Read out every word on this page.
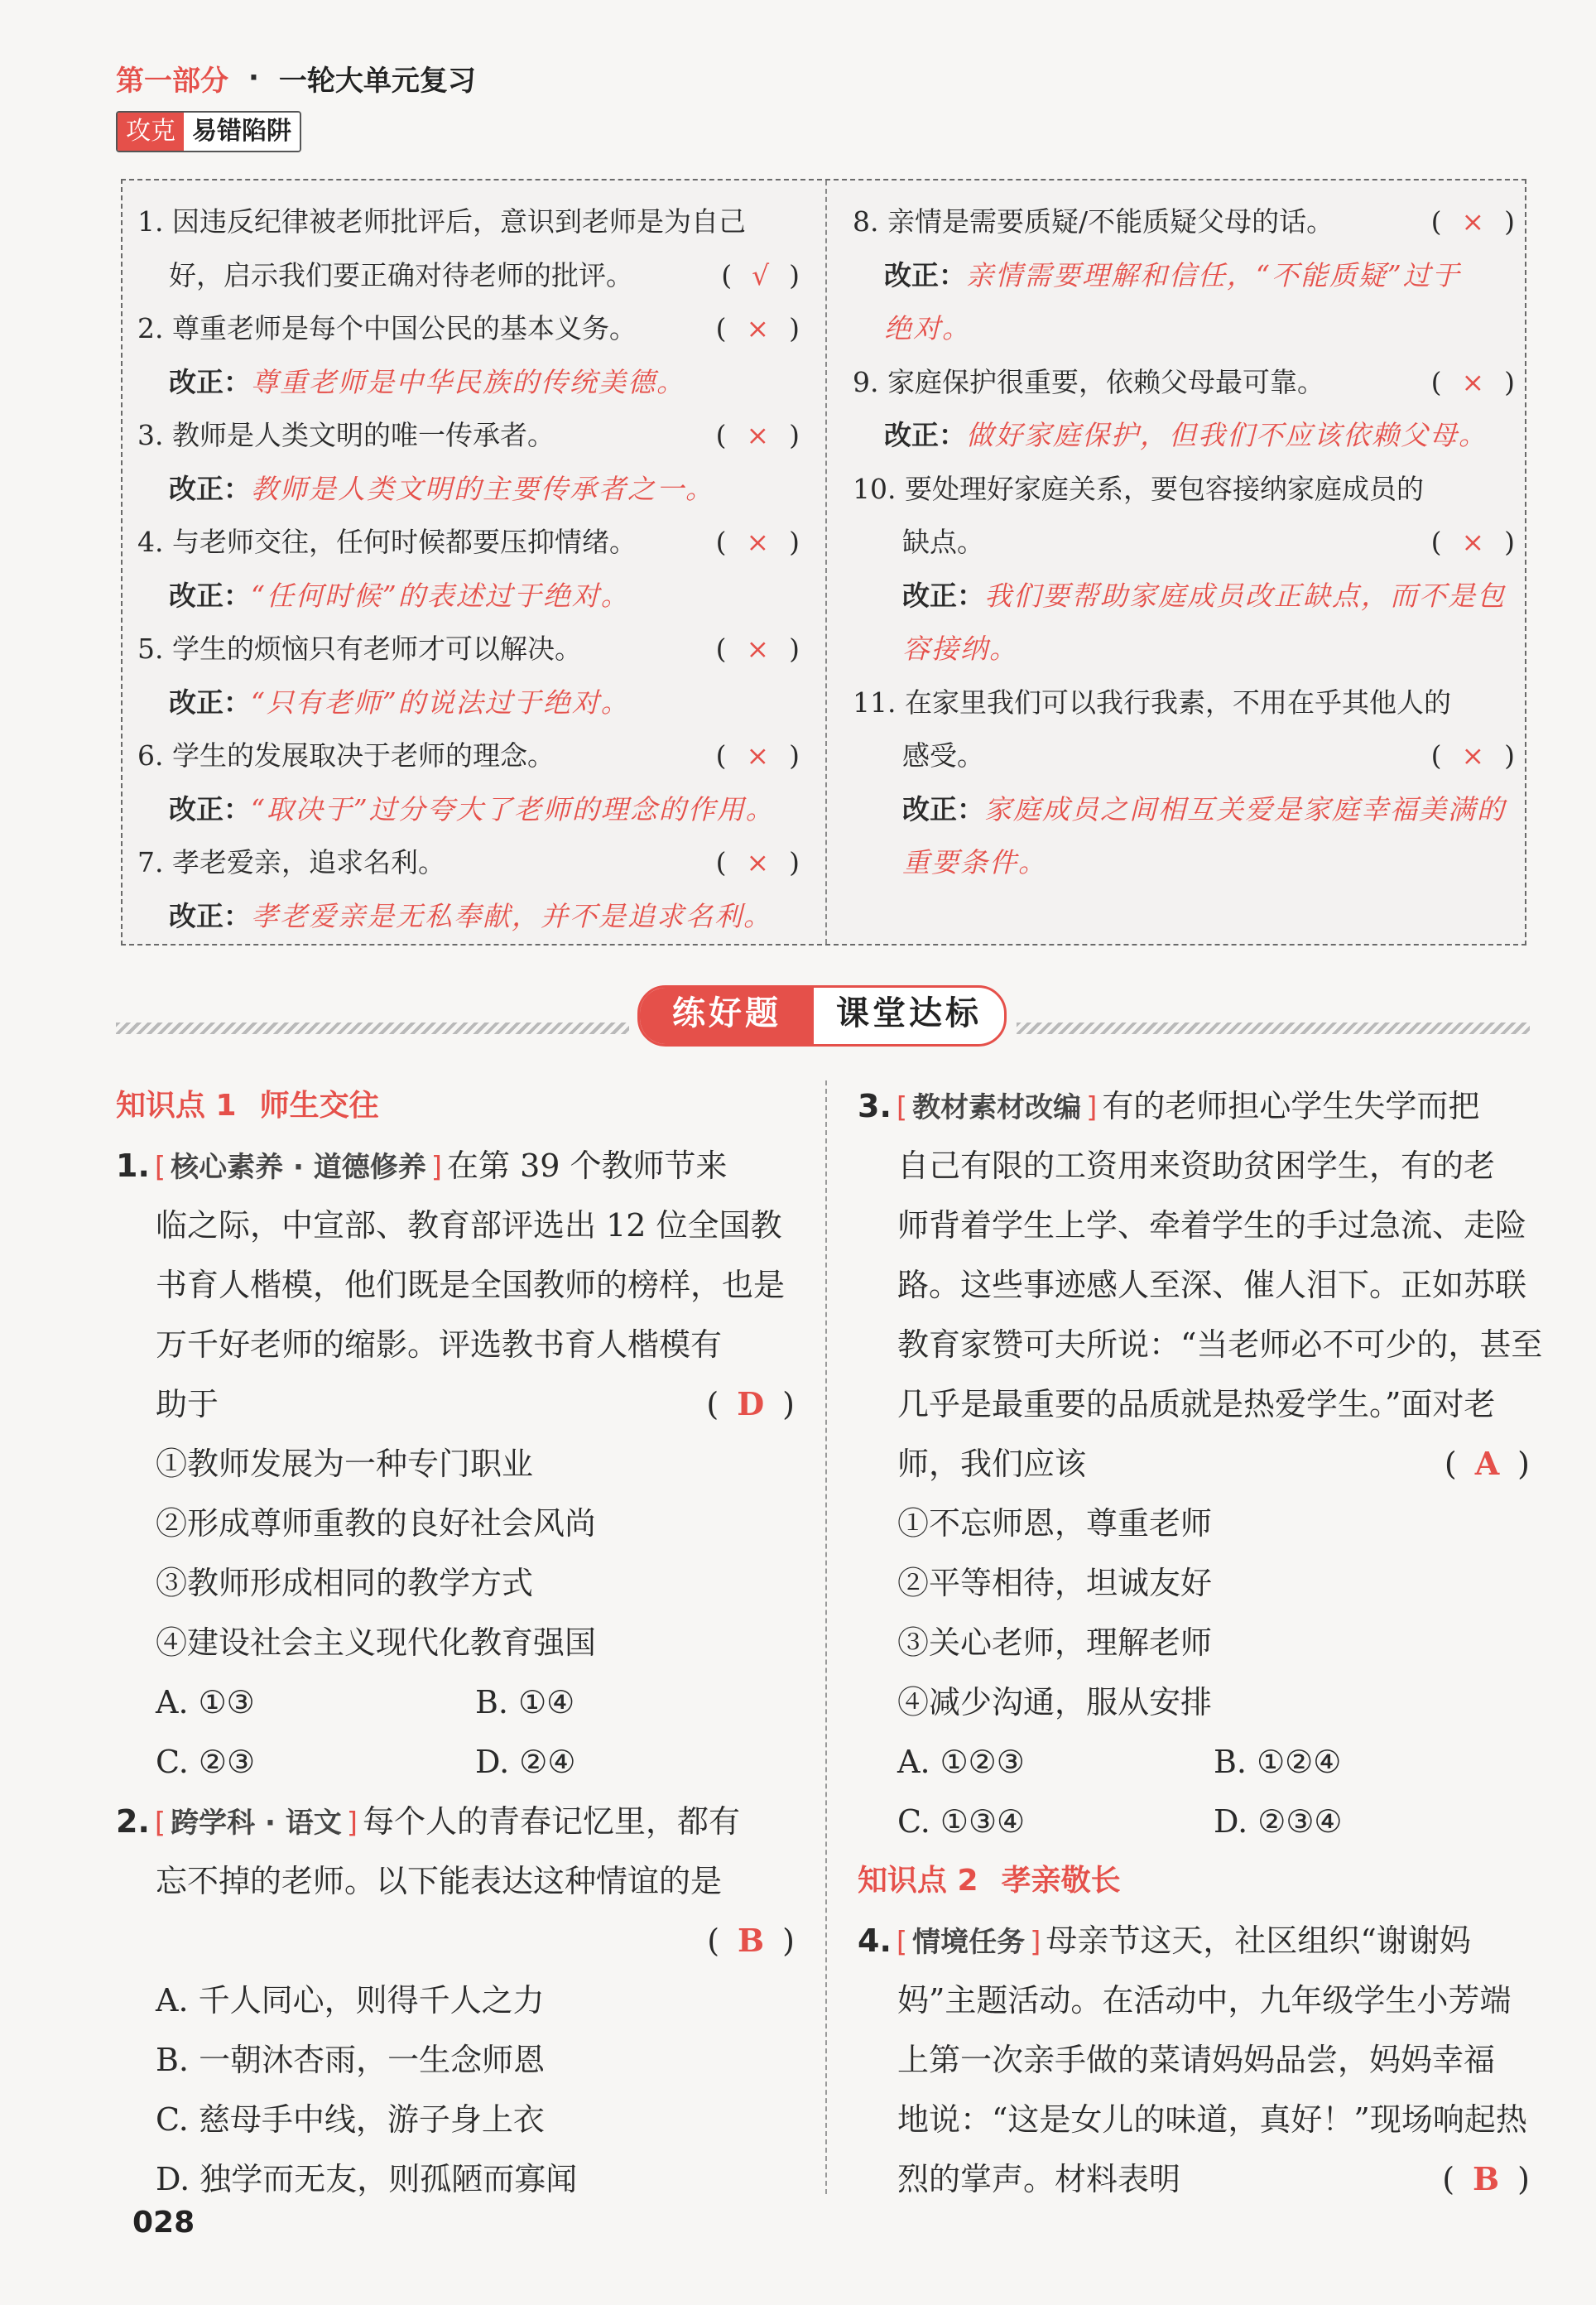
第一部分 · 一轮大单元复习
攻克 易错陷阱
1. 因违反纪律被老师批评后，意识到老师是为自己
好，启示我们要正确对待老师的批评。	( √ )
2. 尊重老师是每个中国公民的基本义务。	( × )
改正：尊重老师是中华民族的传统美德。
3. 教师是人类文明的唯一传承者。	( × )
改正：教师是人类文明的主要传承者之一。
4. 与老师交往，任何时候都要压抑情绪。	( × )
改正：“任何时候”的表述过于绝对。
5. 学生的烦恼只有老师才可以解决。	( × )
改正：“只有老师”的说法过于绝对。
6. 学生的发展取决于老师的理念。	( × )
改正：“取决于”过分夸大了老师的理念的作用。
7. 孝老爱亲，追求名利。	( × )
改正：孝老爱亲是无私奉献，并不是追求名利。
8. 亲情是需要质疑/不能质疑父母的话。	( × )
改正：亲情需要理解和信任，“不能质疑”过于
绝对。
9. 家庭保护很重要，依赖父母最可靠。	( × )
改正：做好家庭保护，但我们不应该依赖父母。
10. 要处理好家庭关系，要包容接纳家庭成员的
缺点。	( × )
改正：我们要帮助家庭成员改正缺点，而不是包
容接纳。
11. 在家里我们可以我行我素，不用在乎其他人的
感受。	( × )
改正：家庭成员之间相互关爱是家庭幸福美满的
重要条件。
练好题	课堂达标
知识点 1 师生交往
1. [ 核心素养 · 道德修养 ] 在第 39 个教师节来
临之际，中宣部、教育部评选出 12 位全国教
书育人楷模，他们既是全国教师的榜样，也是
万千好老师的缩影。评选教书育人楷模有
助于	( D )
①教师发展为一种专门职业
②形成尊师重教的良好社会风尚
③教师形成相同的教学方式
④建设社会主义现代化教育强国
A. ①③	B. ①④
C. ②③	D. ②④
2. [ 跨学科 · 语文 ] 每个人的青春记忆里，都有
忘不掉的老师。以下能表达这种情谊的是
( B )
A. 千人同心，则得千人之力
B. 一朝沐杏雨，一生念师恩
C. 慈母手中线，游子身上衣
D. 独学而无友，则孤陋而寡闻
3. [ 教材素材改编 ] 有的老师担心学生失学而把
自己有限的工资用来资助贫困学生，有的老
师背着学生上学、牵着学生的手过急流、走险
路。这些事迹感人至深、催人泪下。正如苏联
教育家赞可夫所说：“当老师必不可少的，甚至
几乎是最重要的品质就是热爱学生。”面对老
师，我们应该	( A )
①不忘师恩，尊重老师
②平等相待，坦诚友好
③关心老师，理解老师
④减少沟通，服从安排
A. ①②③	B. ①②④
C. ①③④	D. ②③④
知识点 2 孝亲敬长
4. [ 情境任务 ] 母亲节这天，社区组织“谢谢妈
妈”主题活动。在活动中，九年级学生小芳端
上第一次亲手做的菜请妈妈品尝，妈妈幸福
地说：“这是女儿的味道，真好！”现场响起热
烈的掌声。材料表明	( B )
028
